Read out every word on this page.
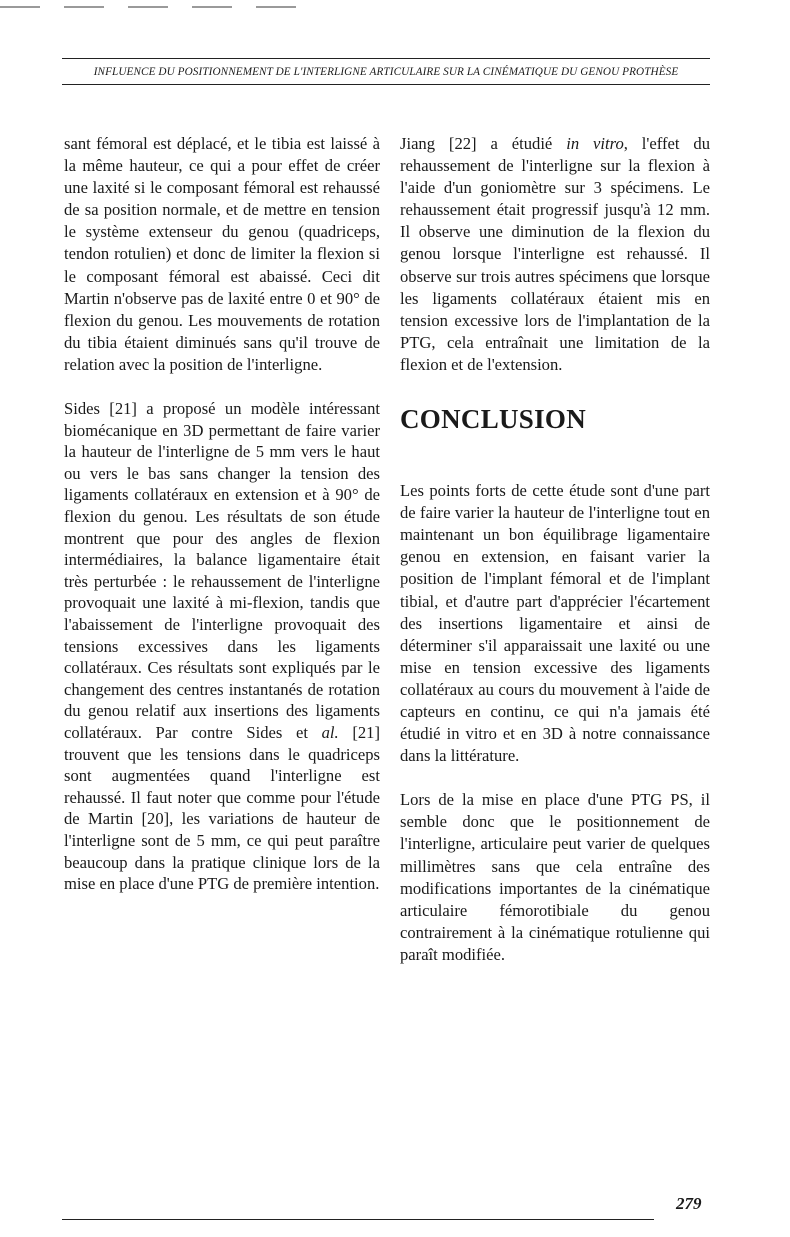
INFLUENCE DU POSITIONNEMENT DE L'INTERLIGNE ARTICULAIRE SUR LA CINÉMATIQUE DU GENOU PROTHÈSE

sant fémoral est déplacé, et le tibia est laissé à la même hauteur, ce qui a pour effet de créer une laxité si le composant fémoral est rehaussé de sa position normale, et de mettre en tension le système extenseur du genou (quadriceps, tendon rotulien) et donc de limiter la flexion si le composant fémoral est abaissé. Ceci dit Martin n'observe pas de laxité entre 0 et 90° de flexion du genou. Les mouvements de rotation du tibia étaient diminués sans qu'il trouve de relation avec la position de l'interligne.

Sides [21] a proposé un modèle intéressant biomécanique en 3D permettant de faire varier la hauteur de l'interligne de 5 mm vers le haut ou vers le bas sans changer la tension des ligaments collatéraux en extension et à 90° de flexion du genou. Les résultats de son étude montrent que pour des angles de flexion intermédiaires, la balance ligamentaire était très perturbée : le rehaussement de l'interligne provoquait une laxité à mi-flexion, tandis que l'abaissement de l'interligne provoquait des tensions excessives dans les ligaments collatéraux. Ces résultats sont expliqués par le changement des centres instantanés de rotation du genou relatif aux insertions des ligaments collatéraux. Par contre Sides et al. [21] trouvent que les tensions dans le quadriceps sont augmentées quand l'interligne est rehaussé. Il faut noter que comme pour l'étude de Martin [20], les variations de hauteur de l'interligne sont de 5 mm, ce qui peut paraître beaucoup dans la pratique clinique lors de la mise en place d'une PTG de première intention.

Jiang [22] a étudié in vitro, l'effet du rehaussement de l'interligne sur la flexion à l'aide d'un goniomètre sur 3 spécimens. Le rehaussement était progressif jusqu'à 12 mm. Il observe une diminution de la flexion du genou lorsque l'interligne est rehaussé. Il observe sur trois autres spécimens que lorsque les ligaments collatéraux étaient mis en tension excessive lors de l'implantation de la PTG, cela entraînait une limitation de la flexion et de l'extension.

CONCLUSION

Les points forts de cette étude sont d'une part de faire varier la hauteur de l'interligne tout en maintenant un bon équilibrage ligamentaire genou en extension, en faisant varier la position de l'implant fémoral et de l'implant tibial, et d'autre part d'apprécier l'écartement des insertions ligamentaire et ainsi de déterminer s'il apparaissait une laxité ou une mise en tension excessive des ligaments collatéraux au cours du mouvement à l'aide de capteurs en continu, ce qui n'a jamais été étudié in vitro et en 3D à notre connaissance dans la littérature.

Lors de la mise en place d'une PTG PS, il semble donc que le positionnement de l'interligne, articulaire peut varier de quelques millimètres sans que cela entraîne des modifications importantes de la cinématique articulaire fémorotibiale du genou contrairement à la cinématique rotulienne qui paraît modifiée.

279
